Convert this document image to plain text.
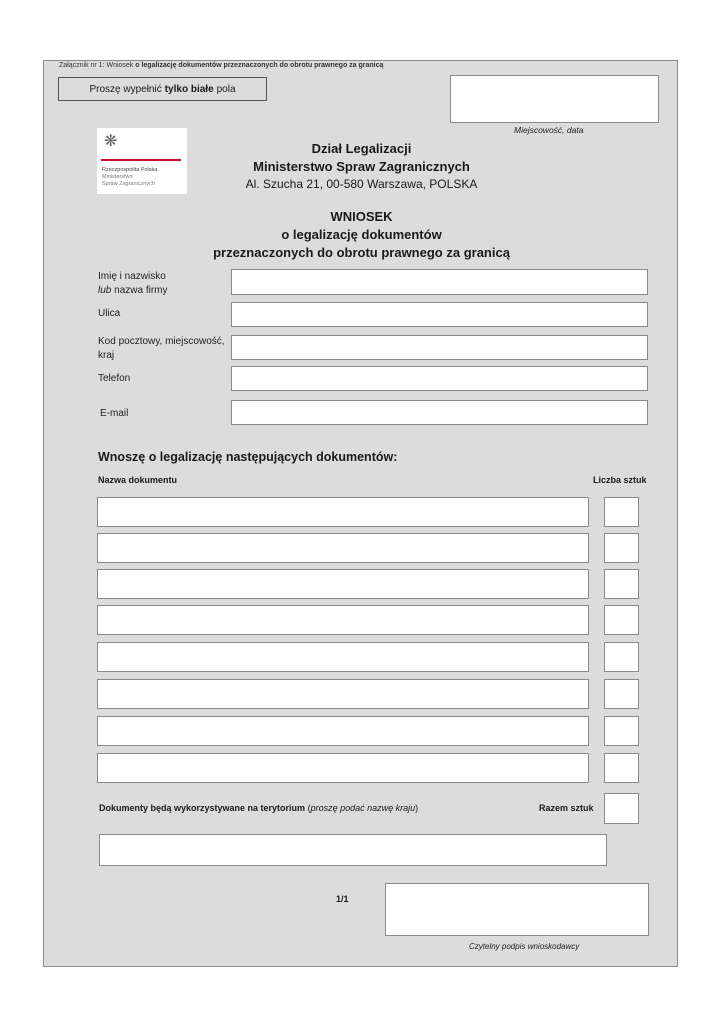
Załącznik nr 1: Wniosek o legalizację dokumentów przeznaczonych do obrotu prawnego za granicą
Proszę wypełnić tylko białe pola
Miejscowość, data
❋
Rzeczpospolita Polska
Ministerstwo
Spraw Zagranicznych
Dział Legalizacji
Ministerstwo Spraw Zagranicznych
Al. Szucha 21, 00-580 Warszawa, POLSKA
WNIOSEK
o legalizację dokumentów
przeznaczonych do obrotu prawnego za granicą
Imię i nazwisko
lub nazwa firmy
Ulica
Kod pocztowy, miejscowość,
kraj
Telefon
E-mail
Wnoszę o legalizację następujących dokumentów:
Nazwa dokumentu	Liczba sztuk
Dokumenty będą wykorzystywane na terytorium (proszę podać nazwę kraju)	Razem sztuk
1/1
Czytelny podpis wnioskodawcy
